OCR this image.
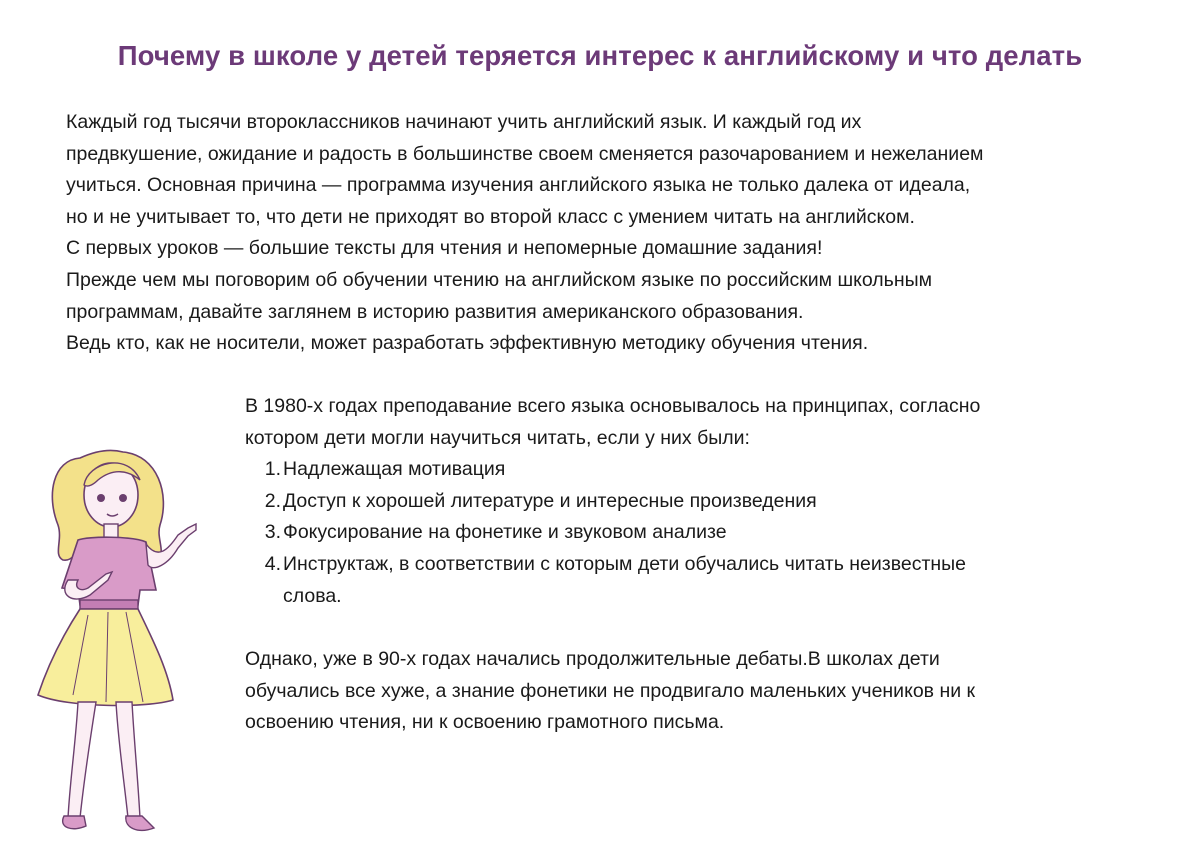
Почему в школе у детей теряется интерес к английскому и что делать

Каждый год тысячи второклассников начинают учить английский язык. И каждый год их

предвкушение, ожидание и радость в большинстве своем сменяется разочарованием и нежеланием

учиться. Основная причина — программа изучения английского языка не только далека от идеала,

но и не учитывает то, что дети не приходят во второй класс с умением читать на английском.

С первых уроков — большие тексты для чтения и непомерные домашние задания!

Прежде чем мы поговорим об обучении чтению на английском языке по российским школьным

программам, давайте заглянем в историю развития американского образования.

Ведь кто, как не носители, может разработать эффективную методику обучения чтения.

В 1980-х годах преподавание всего языка основывалось на принципах, согласно

котором дети могли научиться читать, если у них были:

1. Надлежащая мотивация
2. Доступ к хорошей литературе и интересные произведения
3. Фокусирование на фонетике и звуковом анализе
4. Инструктаж, в соответствии с которым дети обучались читать неизвестные
слова.

Однако, уже в 90-х годах начались продолжительные дебаты.В школах дети

обучались все хуже, а знание фонетики не продвигало маленьких учеников ни к

освоению чтения, ни к освоению грамотного письма.
